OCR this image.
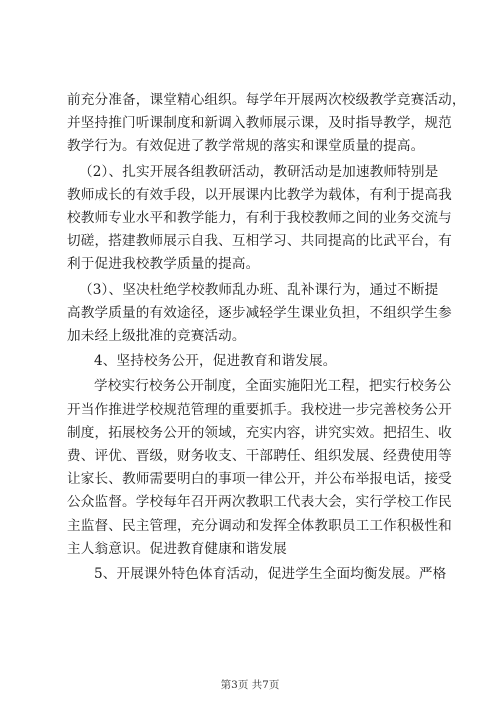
前充分准备，课堂精心组织。每学年开展两次校级教学竞赛活动，
并坚持推门听课制度和新调入教师展示课，及时指导教学，规范
教学行为。有效促进了教学常规的落实和课堂质量的提高。

（2）、扎实开展各组教研活动，教研活动是加速教师特别是
教师成长的有效手段，以开展课内比教学为载体，有利于提高我
校教师专业水平和教学能力，有利于我校教师之间的业务交流与
切磋，搭建教师展示自我、互相学习、共同提高的比武平台，有
利于促进我校教学质量的提高。

（3）、坚决杜绝学校教师乱办班、乱补课行为，通过不断提
高教学质量的有效途径，逐步减轻学生课业负担，不组织学生参
加未经上级批准的竞赛活动。

4、坚持校务公开，促进教育和谐发展。

学校实行校务公开制度，全面实施阳光工程，把实行校务公
开当作推进学校规范管理的重要抓手。我校进一步完善校务公开
制度，拓展校务公开的领域，充实内容，讲究实效。把招生、收
费、评优、晋级，财务收支、干部聘任、组织发展、经费使用等
让家长、教师需要明白的事项一律公开，并公布举报电话，接受
公众监督。学校每年召开两次教职工代表大会，实行学校工作民
主监督、民主管理，充分调动和发挥全体教职员工工作积极性和
主人翁意识。促进教育健康和谐发展

5、开展课外特色体育活动，促进学生全面均衡发展。严格

第3页 共7页
